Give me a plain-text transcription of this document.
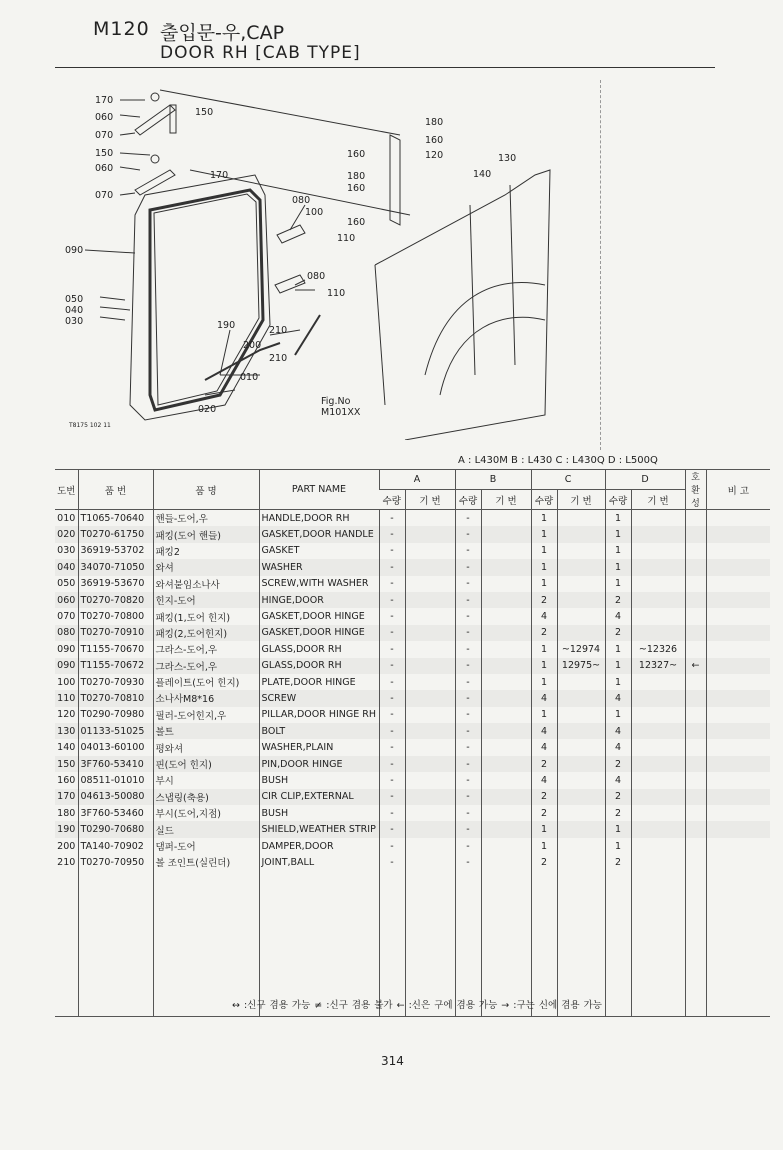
M120 출입문-우,CAP
DOOR RH [CAB TYPE]
170
060	150
070
150
060
170
070
090
050
040
030
080
100
110
080
110
190	210
200
210
010
020
180
160
120
160
180
160
160
130
140
Fig.No
M101XX
T8175 102 11
A : L430M B : L430 C : L430Q D : L500Q
도번	품 번	품 명	PART NAME	A		B		C		D		호환성	비 고
				수량	기 번	수량	기 번	수량	기 번	수량	기 번		
010	T1065-70640	핸들-도어,우	HANDLE,DOOR RH	-		-		1		1			
020	T0270-61750	패킹(도어 핸들)	GASKET,DOOR HANDLE	-		-		1		1			
030	36919-53702	패킹2	GASKET	-		-		1		1			
040	34070-71050	와셔	WASHER	-		-		1		1			
050	36919-53670	와셔붙임소나사	SCREW,WITH WASHER	-		-		1		1			
060	T0270-70820	힌지-도어	HINGE,DOOR	-		-		2		2			
070	T0270-70800	패킹(1,도어 힌지)	GASKET,DOOR HINGE	-		-		4		4			
080	T0270-70910	패킹(2,도어힌지)	GASKET,DOOR HINGE	-		-		2		2			
090	T1155-70670	그라스-도어,우	GLASS,DOOR RH	-		-		1	~12974	1	~12326		
090	T1155-70672	그라스-도어,우	GLASS,DOOR RH	-		-		1	12975~	1	12327~	←	
100	T0270-70930	플레이트(도어 힌지)	PLATE,DOOR HINGE	-		-		1		1			
110	T0270-70810	소나사M8*16	SCREW	-		-		4		4			
120	T0290-70980	필러-도어힌지,우	PILLAR,DOOR HINGE RH	-		-		1		1			
130	01133-51025	볼트	BOLT	-		-		4		4			
140	04013-60100	평와셔	WASHER,PLAIN	-		-		4		4			
150	3F760-53410	핀(도어 힌지)	PIN,DOOR HINGE	-		-		2		2			
160	08511-01010	부시	BUSH	-		-		4		4			
170	04613-50080	스냅링(축용)	CIR CLIP,EXTERNAL	-		-		2		2			
180	3F760-53460	부시(도어,지점)	BUSH	-		-		2		2			
190	T0290-70680	실드	SHIELD,WEATHER STRIP	-		-		1		1			
200	TA140-70902	댐퍼-도어	DAMPER,DOOR	-		-		1		1			
210	T0270-70950	볼 조인트(실린더)	JOINT,BALL	-		-		2		2			

↔ :신구 겸용 가능 ≠ :신구 겸용 불가 ← :신은 구에 겸용 가능 → :구는 신에 겸용 가능
314
